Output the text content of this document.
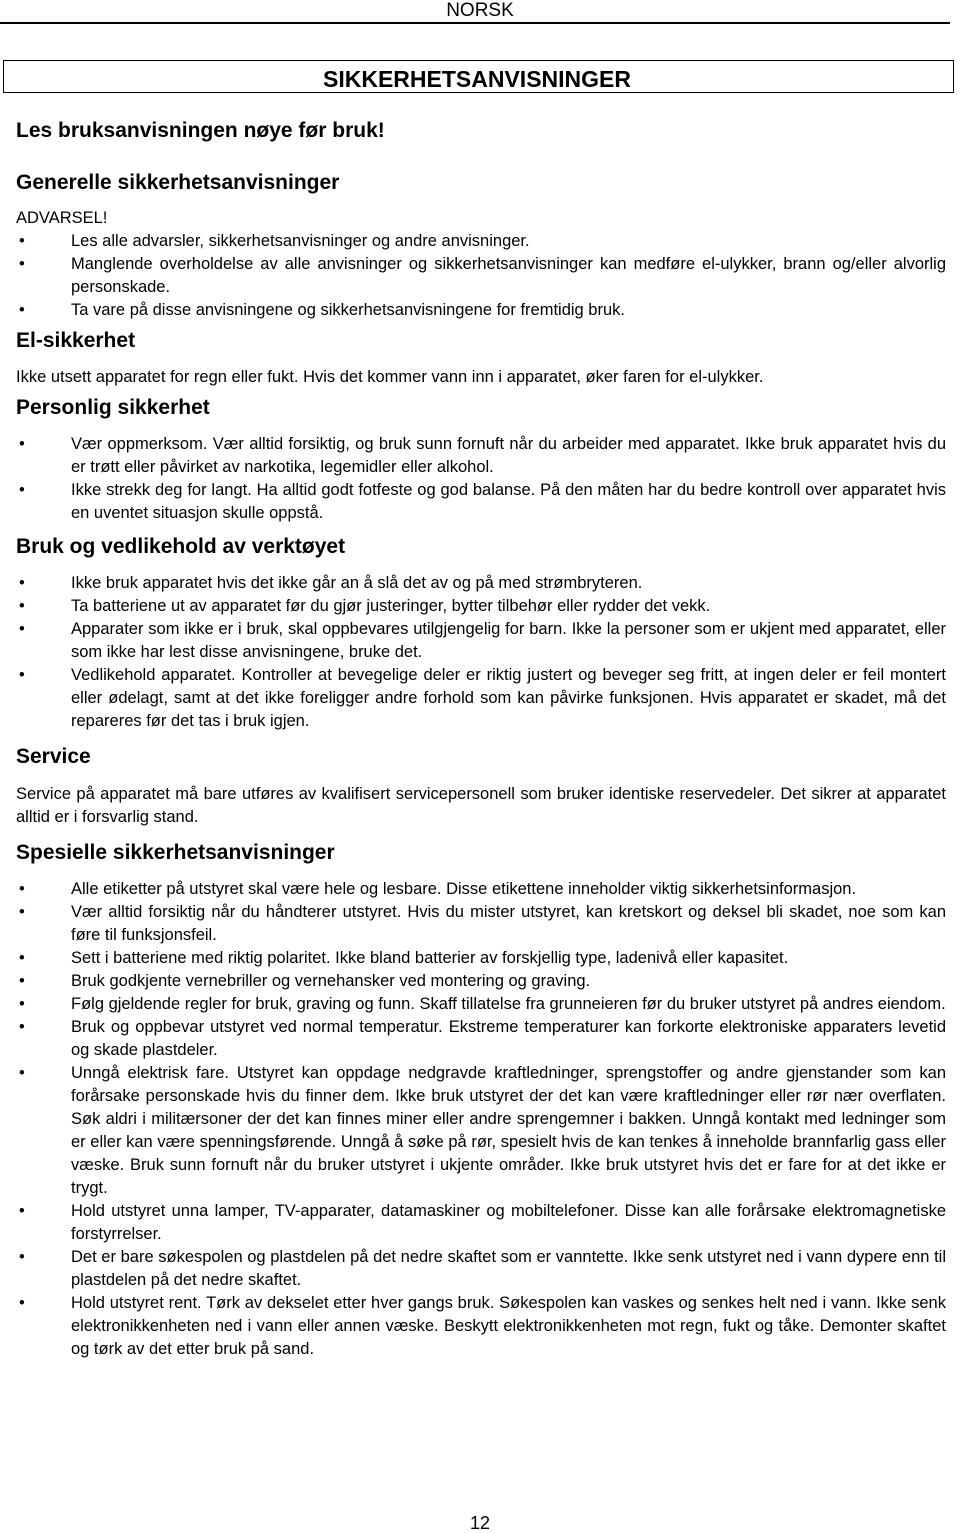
NORSK
SIKKERHETSANVISNINGER

Les bruksanvisningen nøye før bruk!

Generelle sikkerhetsanvisninger

ADVARSEL!

•	Les alle advarsler, sikkerhetsanvisninger og andre anvisninger.
•	Manglende overholdelse av alle anvisninger og sikkerhetsanvisninger kan medføre el-ulykker, brann og/eller alvorlig personskade.
•	Ta vare på disse anvisningene og sikkerhetsanvisningene for fremtidig bruk.

El-sikkerhet

Ikke utsett apparatet for regn eller fukt. Hvis det kommer vann inn i apparatet, øker faren for el-ulykker.

Personlig sikkerhet

•	Vær oppmerksom. Vær alltid forsiktig, og bruk sunn fornuft når du arbeider med apparatet. Ikke bruk apparatet hvis du er trøtt eller påvirket av narkotika, legemidler eller alkohol.
•	Ikke strekk deg for langt. Ha alltid godt fotfeste og god balanse. På den måten har du bedre kontroll over apparatet hvis en uventet situasjon skulle oppstå.

Bruk og vedlikehold av verktøyet

•	Ikke bruk apparatet hvis det ikke går an å slå det av og på med strømbryteren.
•	Ta batteriene ut av apparatet før du gjør justeringer, bytter tilbehør eller rydder det vekk.
•	Apparater som ikke er i bruk, skal oppbevares utilgjengelig for barn. Ikke la personer som er ukjent med apparatet, eller som ikke har lest disse anvisningene, bruke det.
•	Vedlikehold apparatet. Kontroller at bevegelige deler er riktig justert og beveger seg fritt, at ingen deler er feil montert eller ødelagt, samt at det ikke foreligger andre forhold som kan påvirke funksjonen. Hvis apparatet er skadet, må det repareres før det tas i bruk igjen.

Service

Service på apparatet må bare utføres av kvalifisert servicepersonell som bruker identiske reservedeler. Det sikrer at apparatet alltid er i forsvarlig stand.

Spesielle sikkerhetsanvisninger

•	Alle etiketter på utstyret skal være hele og lesbare. Disse etikettene inneholder viktig sikkerhetsinformasjon.
•	Vær alltid forsiktig når du håndterer utstyret. Hvis du mister utstyret, kan kretskort og deksel bli skadet, noe som kan føre til funksjonsfeil.
•	Sett i batteriene med riktig polaritet. Ikke bland batterier av forskjellig type, ladenivå eller kapasitet.
•	Bruk godkjente vernebriller og vernehansker ved montering og graving.
•	Følg gjeldende regler for bruk, graving og funn. Skaff tillatelse fra grunneieren før du bruker utstyret på andres eiendom.
•	Bruk og oppbevar utstyret ved normal temperatur. Ekstreme temperaturer kan forkorte elektroniske apparaters levetid og skade plastdeler.
•	Unngå elektrisk fare. Utstyret kan oppdage nedgravde kraftledninger, sprengstoffer og andre gjenstander som kan forårsake personskade hvis du finner dem. Ikke bruk utstyret der det kan være kraftledninger eller rør nær overflaten. Søk aldri i militærsoner der det kan finnes miner eller andre sprengemner i bakken. Unngå kontakt med ledninger som er eller kan være spenningsførende. Unngå å søke på rør, spesielt hvis de kan tenkes å inneholde brannfarlig gass eller væske. Bruk sunn fornuft når du bruker utstyret i ukjente områder. Ikke bruk utstyret hvis det er fare for at det ikke er trygt.
•	Hold utstyret unna lamper, TV-apparater, datamaskiner og mobiltelefoner. Disse kan alle forårsake elektromagnetiske forstyrrelser.
•	Det er bare søkespolen og plastdelen på det nedre skaftet som er vanntette. Ikke senk utstyret ned i vann dypere enn til plastdelen på det nedre skaftet.
•	Hold utstyret rent. Tørk av dekselet etter hver gangs bruk. Søkespolen kan vaskes og senkes helt ned i vann. Ikke senk elektronikkenheten ned i vann eller annen væske. Beskytt elektronikkenheten mot regn, fukt og tåke. Demonter skaftet og tørk av det etter bruk på sand.
12
